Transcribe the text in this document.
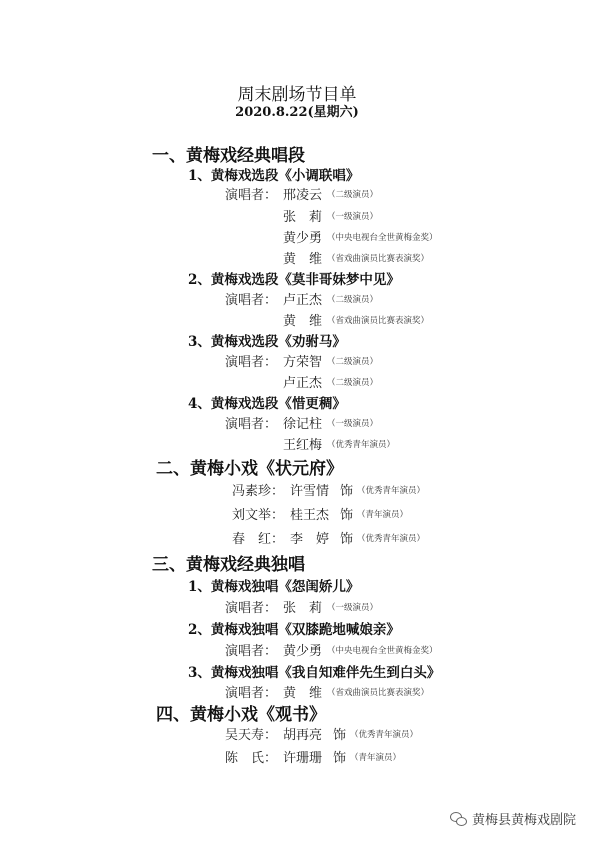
周末剧场节目单
2020.8.22(星期六)
一、黄梅戏经典唱段
1、黄梅戏选段《小调联唱》
演唱者： 邢凌云 （二级演员）
张　莉 （一级演员）
黄少勇 （中央电视台全世黄梅金奖）
黄　维 （省戏曲演员比赛表演奖）
2、黄梅戏选段《莫非哥妹梦中见》
演唱者： 卢正杰 （二级演员）
黄　维 （省戏曲演员比赛表演奖）
3、黄梅戏选段《劝驸马》
演唱者： 方荣智 （二级演员）
卢正杰 （二级演员）
4、黄梅戏选段《惜更稠》
演唱者： 徐记柱 （一级演员）
王红梅 （优秀青年演员）
二、黄梅小戏《状元府》
冯素珍： 许雪情 饰 （优秀青年演员）
刘文举： 桂王杰 饰 （青年演员）
春　红： 李　婷 饰 （优秀青年演员）
三、黄梅戏经典独唱
1、黄梅戏独唱《怨闺娇儿》
演唱者： 张　莉 （一级演员）
2、黄梅戏独唱《双膝跪地喊娘亲》
演唱者： 黄少勇 （中央电视台全世黄梅金奖）
3、黄梅戏独唱《我自知难伴先生到白头》
演唱者： 黄　维 （省戏曲演员比赛表演奖）
四、黄梅小戏《观书》
吴天寿： 胡再亮 饰 （优秀青年演员）
陈　氏： 许珊珊 饰 （青年演员）
黄梅县黄梅戏剧院
